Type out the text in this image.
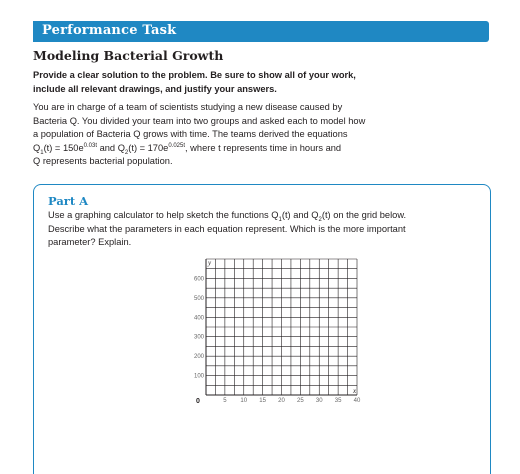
Performance Task
Modeling Bacterial Growth
Provide a clear solution to the problem. Be sure to show all of your work,
include all relevant drawings, and justify your answers.
You are in charge of a team of scientists studying a new disease caused by
Bacteria Q. You divided your team into two groups and asked each to model how
a population of Bacteria Q grows with time. The teams derived the equations
$Q_1(t) = 150e^{0.03t}$ and $Q_2(t) = 170e^{0.025t}$, where t represents time in hours and
Q represents bacterial population.
Part A
Use a graphing calculator to help sketch the functions $Q_1(t)$ and $Q_2(t)$ on the grid below.
Describe what the parameters in each equation represent. Which is the more important
parameter? Explain.
100
200
300
400
500
600
5 10 15 20 25 30 35 40
0
y
x
